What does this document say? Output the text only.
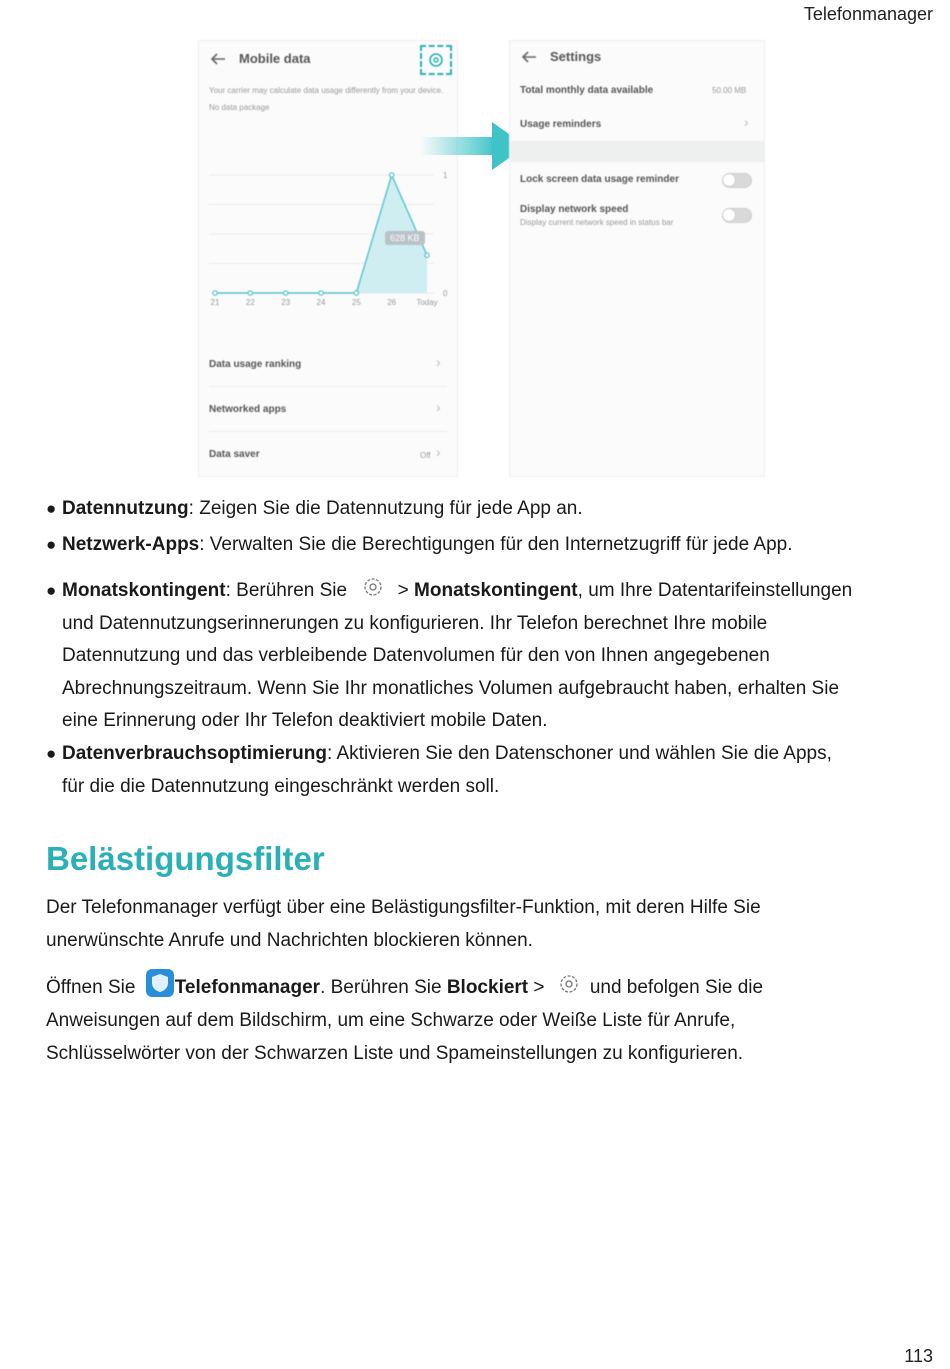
Telefonmanager
Mobile data
Your carrier may calculate data usage differently from your device.
No data package
21	22	23	24	25	26	Today
1
0
628 KB
Data usage ranking	›
Networked apps	›
Data saver	Off ›
Settings
Total monthly data available	50.00 MB
Usage reminders	›
Lock screen data usage reminder
Display network speed
Display current network speed in status bar
● Datennutzung: Zeigen Sie die Datennutzung für jede App an.
● Netzwerk-Apps: Verwalten Sie die Berechtigungen für den Internetzugriff für jede App.
● Monatskontingent: Berühren Sie	> Monatskontingent, um Ihre Datentarifeinstellungen
und Datennutzungserinnerungen zu konfigurieren. Ihr Telefon berechnet Ihre mobile
Datennutzung und das verbleibende Datenvolumen für den von Ihnen angegebenen
Abrechnungszeitraum. Wenn Sie Ihr monatliches Volumen aufgebraucht haben, erhalten Sie
eine Erinnerung oder Ihr Telefon deaktiviert mobile Daten.
● Datenverbrauchsoptimierung: Aktivieren Sie den Datenschoner und wählen Sie die Apps,
für die die Datennutzung eingeschränkt werden soll.
Belästigungsfilter
Der Telefonmanager verfügt über eine Belästigungsfilter-Funktion, mit deren Hilfe Sie
unerwünschte Anrufe und Nachrichten blockieren können.
Öffnen Sie Telefonmanager. Berühren Sie Blockiert > und befolgen Sie die
Anweisungen auf dem Bildschirm, um eine Schwarze oder Weiße Liste für Anrufe,
Schlüsselwörter von der Schwarzen Liste und Spameinstellungen zu konfigurieren.
113
